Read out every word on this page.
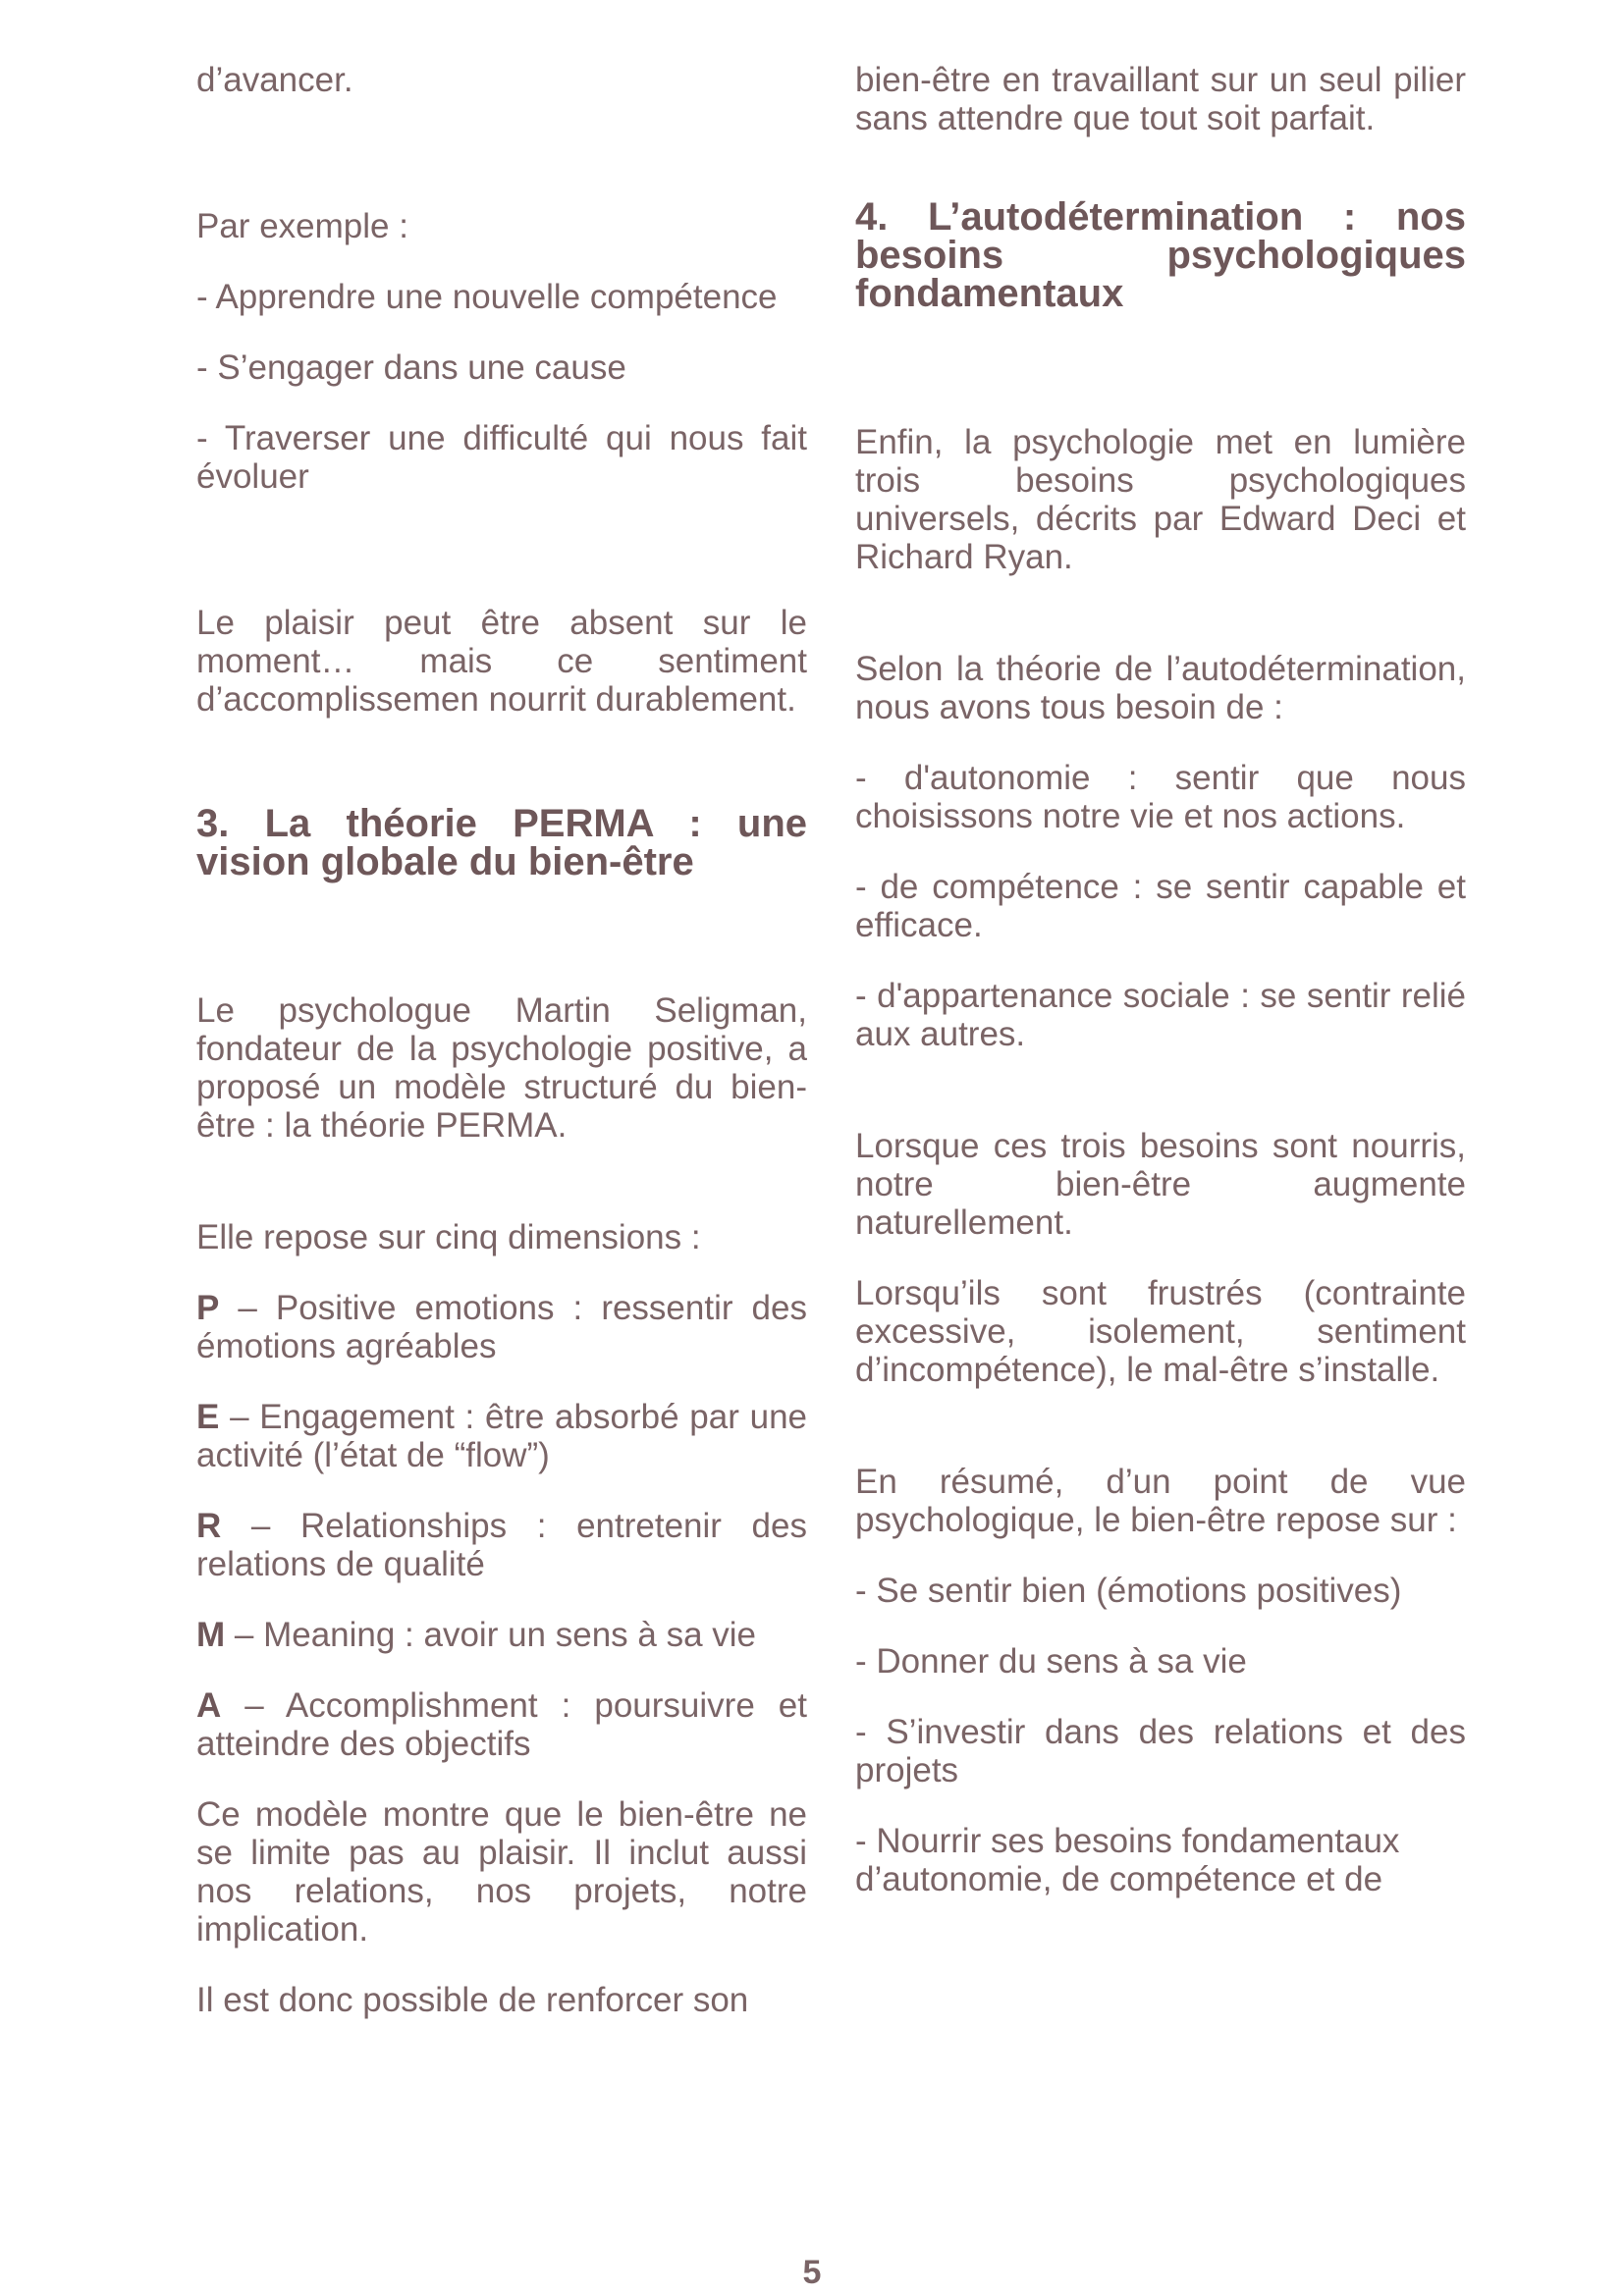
d’avancer.

Par exemple :

- Apprendre une nouvelle compétence

- S’engager dans une cause

- Traverser une difficulté qui nous fait évoluer

Le plaisir peut être absent sur le moment… mais ce sentiment d’accomplissemen nourrit durablement.

3. La théorie PERMA : une vision globale du bien-être

Le psychologue Martin Seligman, fondateur de la psychologie positive, a proposé un modèle structuré du bien-être : la théorie PERMA.

Elle repose sur cinq dimensions :

P – Positive emotions : ressentir des émotions agréables

E – Engagement : être absorbé par une activité (l’état de “flow”)

R – Relationships : entretenir des relations de qualité

M – Meaning : avoir un sens à sa vie

A – Accomplishment : poursuivre et atteindre des objectifs

Ce modèle montre que le bien-être ne se limite pas au plaisir. Il inclut aussi nos relations, nos projets, notre implication.

Il est donc possible de renforcer son

bien-être en travaillant sur un seul pilier sans attendre que tout soit parfait.

4. L’autodétermination : nos besoins psychologiques fondamentaux

Enfin, la psychologie met en lumière trois besoins psychologiques universels, décrits par Edward Deci et Richard Ryan.

Selon la théorie de l’autodétermination, nous avons tous besoin de :

- d'autonomie : sentir que nous choisissons notre vie et nos actions.

- de compétence : se sentir capable et efficace.

- d'appartenance sociale : se sentir relié aux autres.

Lorsque ces trois besoins sont nourris, notre bien-être augmente naturellement.

Lorsqu’ils sont frustrés (contrainte excessive, isolement, sentiment d’incompétence), le mal-être s’installe.

En résumé, d’un point de vue psychologique, le bien-être repose sur :

- Se sentir bien (émotions positives)

- Donner du sens à sa vie

- S’investir dans des relations et des projets

- Nourrir ses besoins fondamentaux d’autonomie, de compétence et de

5
